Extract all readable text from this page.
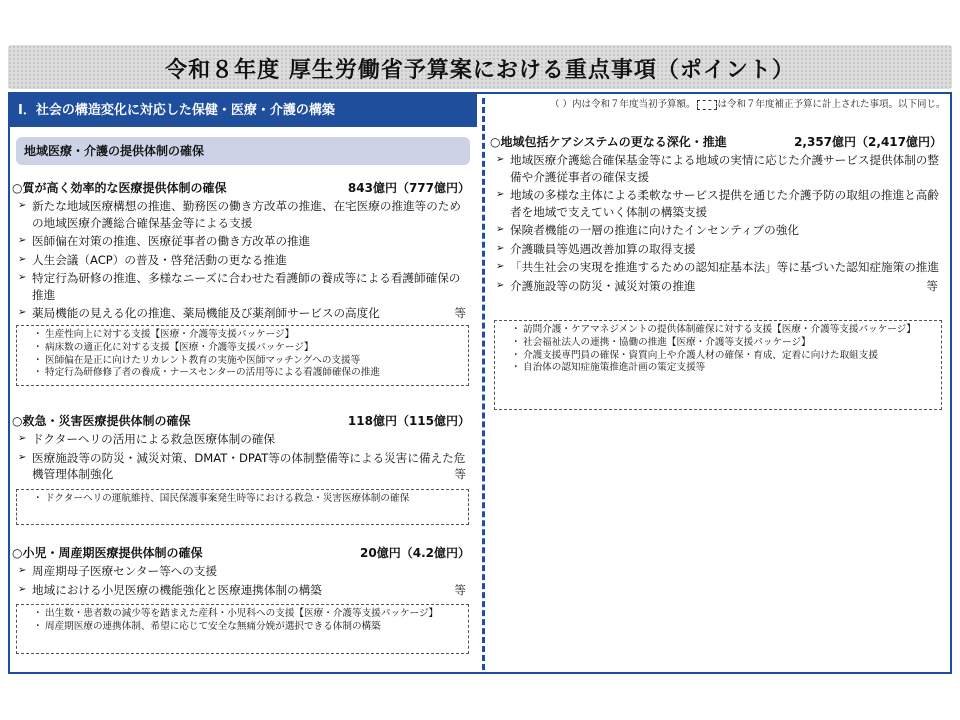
令和８年度 厚生労働省予算案における重点事項（ポイント）
Ⅰ．社会の構造変化に対応した保健・医療・介護の構築	（ ）内は令和７年度当初予算額。 は令和７年度補正予算に計上された事項。以下同じ。
地域医療・介護の提供体制の確保
○質が高く効率的な医療提供体制の確保	843億円（777億円）
➢ 新たな地域医療構想の推進、勤務医の働き方改革の推進、在宅医療の推進等のための地域医療介護総合確保基金等による支援
➢ 医師偏在対策の推進、医療従事者の働き方改革の推進
➢ 人生会議（ACP）の普及・啓発活動の更なる推進
➢ 特定行為研修の推進、多様なニーズに合わせた看護師の養成等による看護師確保の推進
➢ 薬局機能の見える化の推進、薬局機能及び薬剤師サービスの高度化	等
・ 生産性向上に対する支援【医療・介護等支援パッケージ】
・ 病床数の適正化に対する支援【医療・介護等支援パッケージ】
・ 医師偏在是正に向けたリカレント教育の実施や医師マッチングへの支援等
・ 特定行為研修修了者の養成・ナースセンターの活用等による看護師確保の推進
○救急・災害医療提供体制の確保	118億円（115億円）
➢ ドクターヘリの活用による救急医療体制の確保
➢ 医療施設等の防災・減災対策、DMAT・DPAT等の体制整備等による災害に備えた危機管理体制強化	等
・ ドクターヘリの運航維持、国民保護事案発生時等における救急・災害医療体制の確保
○小児・周産期医療提供体制の確保	20億円（4.2億円）
➢ 周産期母子医療センター等への支援
➢ 地域における小児医療の機能強化と医療連携体制の構築	等
・ 出生数・患者数の減少等を踏まえた産科・小児科への支援【医療・介護等支援パッケージ】
・ 周産期医療の連携体制、希望に応じて安全な無痛分娩が選択できる体制の構築
○地域包括ケアシステムの更なる深化・推進	2,357億円（2,417億円）
➢ 地域医療介護総合確保基金等による地域の実情に応じた介護サービス提供体制の整備や介護従事者の確保支援
➢ 地域の多様な主体による柔軟なサービス提供を通じた介護予防の取組の推進と高齢者を地域で支えていく体制の構築支援
➢ 保険者機能の一層の推進に向けたインセンティブの強化
➢ 介護職員等処遇改善加算の取得支援
➢ 「共生社会の実現を推進するための認知症基本法」等に基づいた認知症施策の推進
➢ 介護施設等の防災・減災対策の推進	等
・ 訪問介護・ケアマネジメントの提供体制確保に対する支援【医療・介護等支援パッケージ】
・ 社会福祉法人の連携・協働の推進【医療・介護等支援パッケージ】
・ 介護支援専門員の確保・資質向上や介護人材の確保・育成、定着に向けた取組支援
・ 自治体の認知症施策推進計画の策定支援等
